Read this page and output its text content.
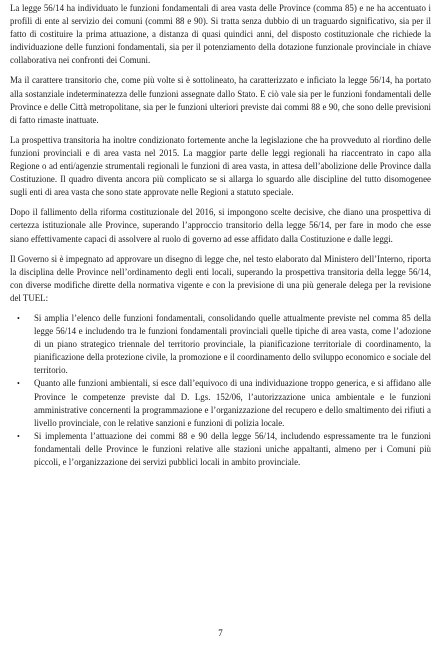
La legge 56/14 ha individuato le funzioni fondamentali di area vasta delle Province (comma 85) e ne ha accentuato i profili di ente al servizio dei comuni (commi 88 e 90). Si tratta senza dubbio di un traguardo significativo, sia per il fatto di costituire la prima attuazione, a distanza di quasi quindici anni, del disposto costituzionale che richiede la individuazione delle funzioni fondamentali, sia per il potenziamento della dotazione funzionale provinciale in chiave collaborativa nei confronti dei Comuni.

Ma il carattere transitorio che, come più volte si è sottolineato, ha caratterizzato e inficiato la legge 56/14, ha portato alla sostanziale indeterminatezza delle funzioni assegnate dallo Stato. E ciò vale sia per le funzioni fondamentali delle Province e delle Città metropolitane, sia per le funzioni ulteriori previste dai commi 88 e 90, che sono delle previsioni di fatto rimaste inattuate.

La prospettiva transitoria ha inoltre condizionato fortemente anche la legislazione che ha provveduto al riordino delle funzioni provinciali e di area vasta nel 2015. La maggior parte delle leggi regionali ha riaccentrato in capo alla Regione o ad enti/agenzie strumentali regionali le funzioni di area vasta, in attesa dell’abolizione delle Province dalla Costituzione. Il quadro diventa ancora più complicato se si allarga lo sguardo alle discipline del tutto disomogenee sugli enti di area vasta che sono state approvate nelle Regioni a statuto speciale.

Dopo il fallimento della riforma costituzionale del 2016, si impongono scelte decisive, che diano una prospettiva di certezza istituzionale alle Province, superando l’approccio transitorio della legge 56/14, per fare in modo che esse siano effettivamente capaci di assolvere al ruolo di governo ad esse affidato dalla Costituzione e dalle leggi.

Il Governo si è impegnato ad approvare un disegno di legge che, nel testo elaborato dal Ministero dell’Interno, riporta la disciplina delle Province nell’ordinamento degli enti locali, superando la prospettiva transitoria della legge 56/14, con diverse modifiche dirette della normativa vigente e con la previsione di una più generale delega per la revisione del TUEL:

• Si amplia l’elenco delle funzioni fondamentali, consolidando quelle attualmente previste nel comma 85 della legge 56/14 e includendo tra le funzioni fondamentali provinciali quelle tipiche di area vasta, come l’adozione di un piano strategico triennale del territorio provinciale, la pianificazione territoriale di coordinamento, la pianificazione della protezione civile, la promozione e il coordinamento dello sviluppo economico e sociale del territorio.
• Quanto alle funzioni ambientali, si esce dall’equivoco di una individuazione troppo generica, e si affidano alle Province le competenze previste dal D. Lgs. 152/06, l’autorizzazione unica ambientale e le funzioni amministrative concernenti la programmazione e l’organizzazione del recupero e dello smaltimento dei rifiuti a livello provinciale, con le relative sanzioni e funzioni di polizia locale.
• Si implementa l’attuazione dei commi 88 e 90 della legge 56/14, includendo espressamente tra le funzioni fondamentali delle Province le funzioni relative alle stazioni uniche appaltanti, almeno per i Comuni più piccoli, e l’organizzazione dei servizi pubblici locali in ambito provinciale.
7
